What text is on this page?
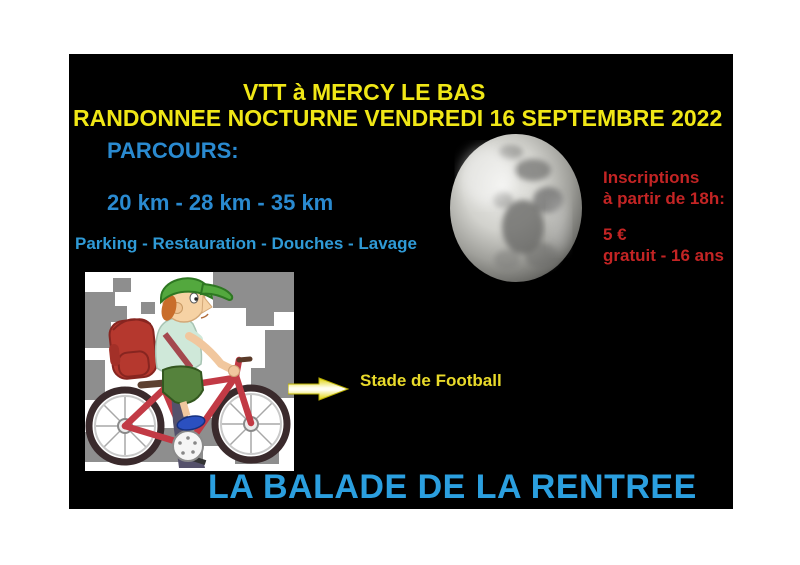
VTT à MERCY LE BAS
RANDONNEE NOCTURNE VENDREDI 16 SEPTEMBRE 2022
PARCOURS:
20 km - 28 km - 35 km
Parking - Restauration - Douches - Lavage
Inscriptions
à partir de 18h:
5 €
gratuit - 16 ans
Stade de Football
LA BALADE DE LA RENTREE
